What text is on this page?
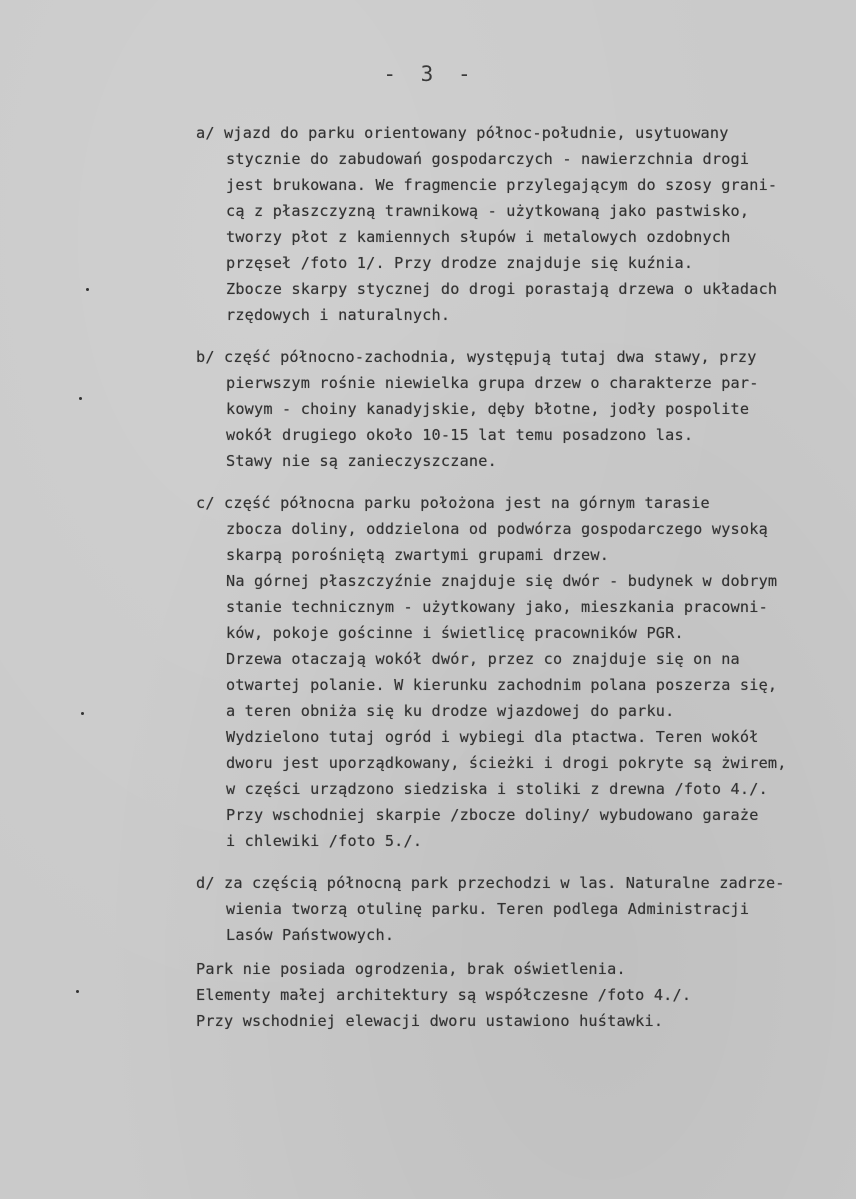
- 3 -
a/ wjazd do parku orientowany północ-południe, usytuowany
stycznie do zabudowań gospodarczych - nawierzchnia drogi
jest brukowana. We fragmencie przylegającym do szosy grani-
cą z płaszczyzną trawnikową - użytkowaną jako pastwisko,
tworzy płot z kamiennych słupów i metalowych ozdobnych
przęseł /foto 1/. Przy drodze znajduje się kuźnia.
Zbocze skarpy stycznej do drogi porastają drzewa o układach
rzędowych i naturalnych.
b/ część północno-zachodnia, występują tutaj dwa stawy, przy
pierwszym rośnie niewielka grupa drzew o charakterze par-
kowym - choiny kanadyjskie, dęby błotne, jodły pospolite
wokół drugiego około 10-15 lat temu posadzono las.
Stawy nie są zanieczyszczane.
c/ część północna parku położona jest na górnym tarasie
zbocza doliny, oddzielona od podwórza gospodarczego wysoką
skarpą porośniętą zwartymi grupami drzew.
Na górnej płaszczyźnie znajduje się dwór - budynek w dobrym
stanie technicznym - użytkowany jako, mieszkania pracowni-
ków, pokoje gościnne i świetlicę pracowników PGR.
Drzewa otaczają wokół dwór, przez co znajduje się on na
otwartej polanie. W kierunku zachodnim polana poszerza się,
a teren obniża się ku drodze wjazdowej do parku.
Wydzielono tutaj ogród i wybiegi dla ptactwa. Teren wokół
dworu jest uporządkowany, ścieżki i drogi pokryte są żwirem,
w części urządzono siedziska i stoliki z drewna /foto 4./.
Przy wschodniej skarpie /zbocze doliny/ wybudowano garaże
i chlewiki /foto 5./.
d/ za częścią północną park przechodzi w las. Naturalne zadrze-
wienia tworzą otulinę parku. Teren podlega Administracji
Lasów Państwowych.
Park nie posiada ogrodzenia, brak oświetlenia.
Elementy małej architektury są współczesne /foto 4./.
Przy wschodniej elewacji dworu ustawiono huśtawki.
